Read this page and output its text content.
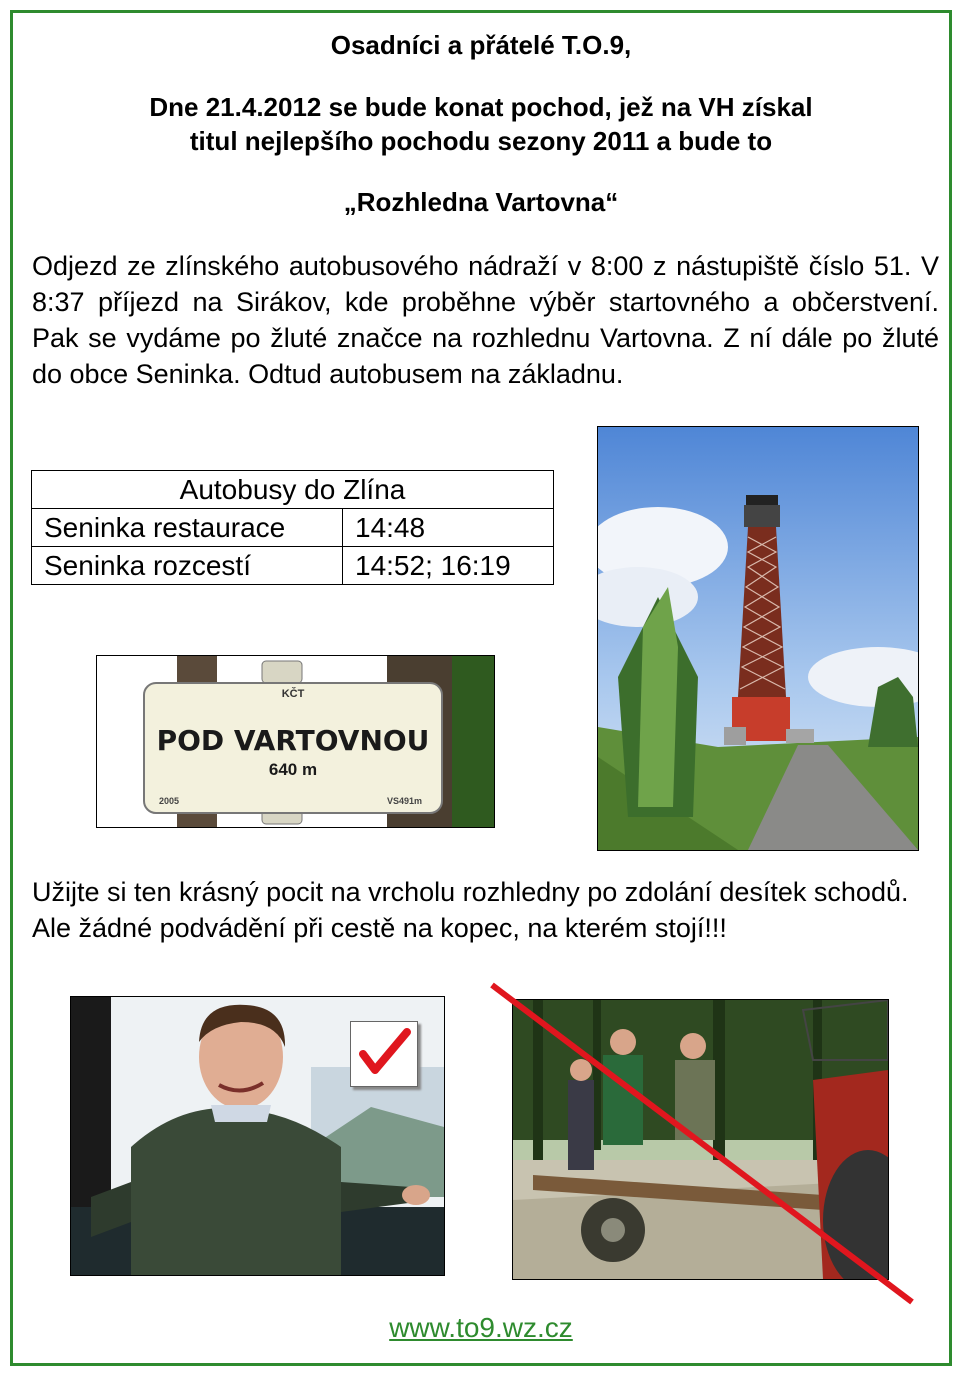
Osadníci a přátelé T.O.9,
Dne 21.4.2012 se bude konat pochod, jež na VH získal
titul nejlepšího pochodu sezony 2011 a bude to
„Rozhledna Vartovna“
Odjezd ze zlínského autobusového nádraží v 8:00 z nástupiště číslo 51. V 8:37 příjezd na Sirákov, kde proběhne výběr startovného a občerstvení. Pak se vydáme po žluté značce na rozhlednu Vartovna. Z ní dále po žluté do obce Seninka. Odtud autobusem na základnu.
Autobusy do Zlína	
Seninka restaurace	14:48
Seninka rozcestí	14:52; 16:19
KČT
POD VARTOVNOU
640 m
2005	VS491m
Užijte si ten krásný pocit na vrcholu rozhledny po zdolání desítek schodů. Ale žádné podvádění při cestě na kopec, na kterém stojí!!!
www.to9.wz.cz
